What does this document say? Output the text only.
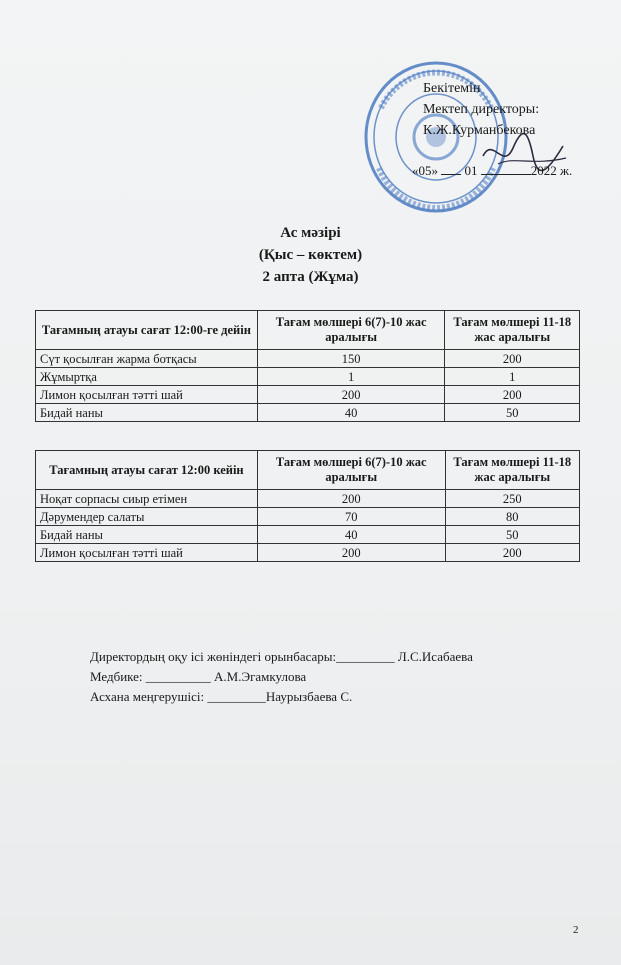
Бекітемін
Мектеп директоры:
К.Ж.Курманбекова
«05» 01	2022 ж.
Ас мәзірі
(Қыс – көктем)
2 апта (Жұма)
Тағамның атауы сағат 12:00-ге дейін	Тағам мөлшері 6(7)-10 жас аралығы	Тағам мөлшері 11-18 жас аралығы
Сүт қосылған жарма ботқасы	150	200
Жұмыртқа	1	1
Лимон қосылған тәтті шай	200	200
Бидай наны	40	50
Тағамның атауы сағат 12:00 кейін	Тағам мөлшері 6(7)-10 жас аралығы	Тағам мөлшері 11-18 жас аралығы
Ноқат сорпасы сиыр етімен	200	250
Дәрумендер салаты	70	80
Бидай наны	40	50
Лимон қосылған тәтті шай	200	200
Директордың оқу ісі жөніндегі орынбасары:_________ Л.С.Исабаева
Медбике: __________ А.М.Эгамкулова
Асхана меңгерушісі: _________Наурызбаева С.
2
